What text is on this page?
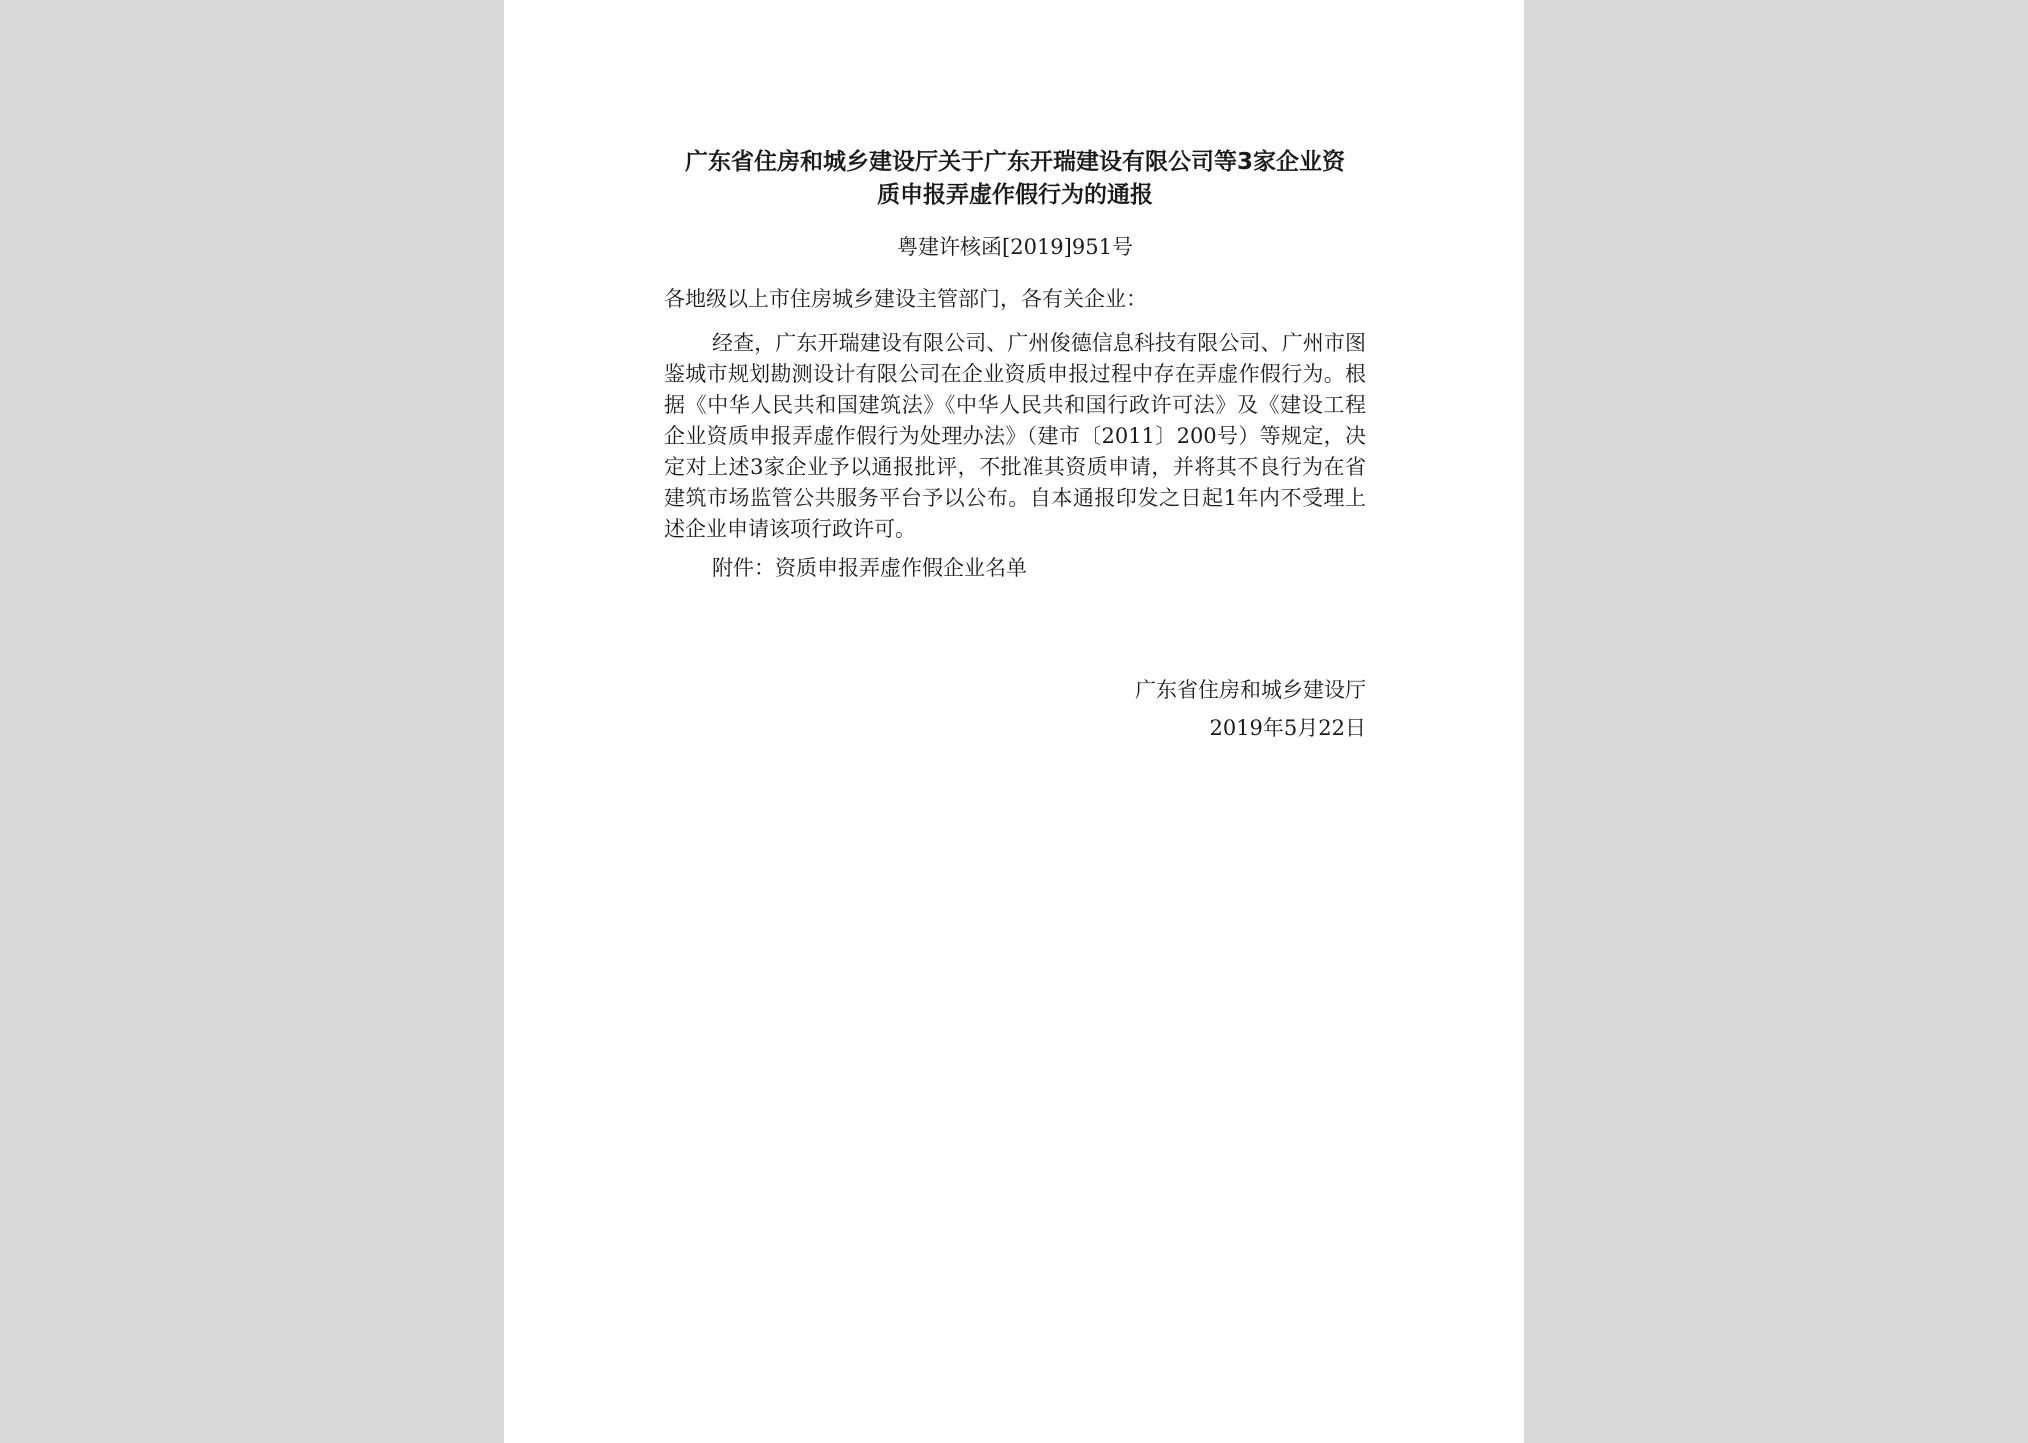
广东省住房和城乡建设厅关于广东开瑞建设有限公司等3家企业资
质申报弄虚作假行为的通报
粤建许核函[2019]951号
各地级以上市住房城乡建设主管部门，各有关企业：
经查，广东开瑞建设有限公司、广州俊德信息科技有限公司、广州市图鉴城市规划勘测设计有限公司在企业资质申报过程中存在弄虚作假行为。根据《中华人民共和国建筑法》《中华人民共和国行政许可法》及《建设工程企业资质申报弄虚作假行为处理办法》（建市〔2011〕200号）等规定，决定对上述3家企业予以通报批评，不批准其资质申请，并将其不良行为在省建筑市场监管公共服务平台予以公布。自本通报印发之日起1年内不受理上述企业申请该项行政许可。
附件：资质申报弄虚作假企业名单
广东省住房和城乡建设厅
2019年5月22日
